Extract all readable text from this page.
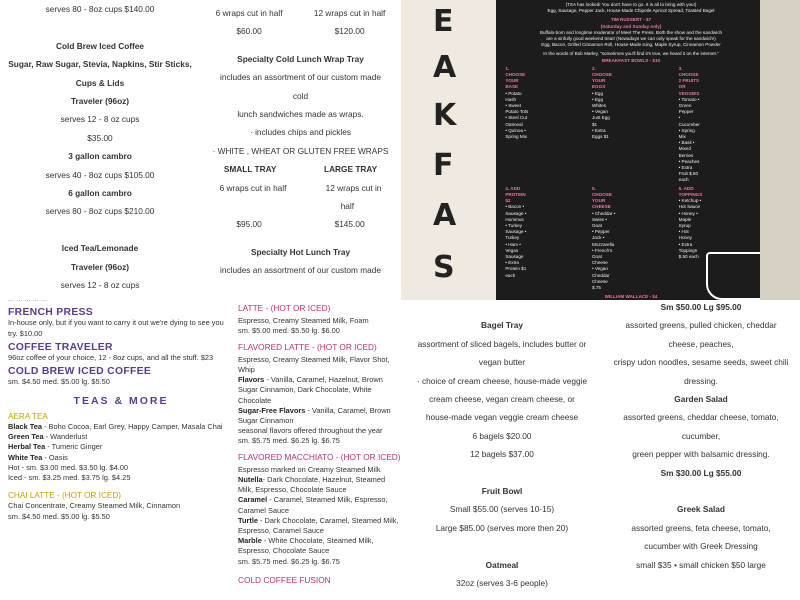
serves 80 - 8oz cups $140.00
Cold Brew Iced Coffee
Sugar, Raw Sugar, Stevia, Napkins, Stir Sticks,
Cups & Lids
Traveler (96oz)
serves 12 - 8 oz cups
$35.00
3 gallon cambro
serves 40 - 8oz cups $105.00
6 gallon cambro
serves 80 - 8oz cups $210.00
Iced Tea/Lemonade
Traveler (96oz)
serves 12 - 8 oz cups
6 wraps cut in half	12 wraps cut in half
$60.00	$120.00
Specialty Cold Lunch Wrap Tray
includes an assortment of our custom made
cold
lunch sandwiches made as wraps.
· includes chips and pickles
· WHITE , WHEAT OR GLUTEN FREE WRAPS
SMALL TRAY	LARGE TRAY
6 wraps cut in half	12 wraps cut in
half
$95.00	$145.00
Specialty Hot Lunch Tray
includes an assortment of our custom made
E
A
K
F
A
S
(TSA has looked! You don't have to go. It is all to bring with you!)
Egg, Sausage, Pepper Jack, House-Made Chipotle Apricot Spread, Toasted Bagel
TIM RUSSERT - $7
(Saturday and Sunday only)
Buffalo-born and longtime moderator of Meet The Press. Both the show and the sandwich
are a sinfully good weekend treat! (Nowadays we can only speak for the sandwich!)
Egg, Bacon, Grilled Cinnamon Roll, House-Made Icing, Maple Syrup, Cinnamon Powder
In the words of Bob Marley, "sometimes you'll find it's true, we heard it on the internet."
BREAKFAST BOWLS - $10
1. CHOOSE YOUR BASE
• Potato Hash
• Sweet Potato Tots
• Steel Cut Oatmeal
• Quinoa • Spring Mix
2. CHOOSE YOUR EGGS
• Egg
• Egg Whites
• Vegan Just Egg $1
• Extra Eggs $1
3. CHOOSE 2 FRUITS OR VEGGIES
• Tomato • Green Pepper
• Cucumber • Spring Mix
• Basil • Mixed Berries
• Peaches • Extra Fruit $.50 each
4. ADD PROTEIN $2
• Bacon • Sausage • Hummus
• Turkey Sausage • Turkey
• Ham • Vegan Sausage
• Extra Protein $1 each
5. CHOOSE YOUR CHEESE
• Cheddar • Swiss • Goat
• Pepper Jack • Mozzarella
• French's Goat Cheese
• Vegan Cheddar Cheese $.75
6. ADD TOPPINGS
• Ketchup • Hot Sauce
• Honey • Maple Syrup
• Hot Honey
• Extra Toppings $.50 each
WILLIAM WALLACE - $4
... ... ... ... ...
FRENCH PRESS
In-house only, but if you want to carry it out we're dying to see you try. $10.00
COFFEE TRAVELER
96oz coffee of your choice, 12 - 8oz cups, and all the stuff. $23
COLD BREW ICED COFFEE
sm. $4.50 med. $5.00 lg. $5.50
TEAS & MORE
AERA TEA
Black Tea - Boho Cocoa, Earl Grey, Happy Camper, Masala Chai
Green Tea - Wanderlust
Herbal Tea - Tumeric Ginger
White Tea - Oasis
Hot - sm. $3.00 med. $3.50 lg. $4.00
Iced - sm. $3.25 med. $3.75 lg. $4.25
CHAI LATTE - (HOT OR ICED)
Chai Concentrate, Creamy Steamed Milk, Cinnamon
sm. $4.50 med. $5.00 lg. $5.50
LATTE - (HOT OR ICED)
Espresso, Creamy Steamed Milk, Foam
sm. $5.00 med. $5.50 lg. $6.00
FLAVORED LATTE - (HOT OR ICED)
Espresso, Creamy Steamed Milk, Flavor Shot, Whip
Flavors - Vanilla, Caramel, Hazelnut, Brown Sugar Cinnamon, Dark Chocolate, White Chocolate
Sugar-Free Flavors - Vanilla, Caramel, Brown Sugar Cinnamon
seasonal flavors offered throughout the year
sm. $5.75 med. $6.25 lg. $6.75
FLAVORED MACCHIATO - (HOT OR ICED)
Espresso marked on Creamy Steamed Milk
Nutella- Dark Chocolate, Hazelnut, Steamed Milk, Espresso, Chocolate Sauce
Caramel - Caramel, Steamed Milk, Espresso, Caramel Sauce
Turtle - Dark Chocolate, Caramel, Steamed Milk, Espresso, Caramel Sauce
Marble - White Chocolate, Steamed Milk, Espresso, Chocolate Sauce
sm. $5.75 med. $6.25 lg. $6.75
COLD COFFEE FUSION
Bagel Tray
assortment of sliced bagels, includes butter or
vegan butter
· choice of cream cheese, house-made veggie
cream cheese, vegan cream cheese, or
house-made vegan veggie cream cheese
6 bagels $20.00
12 bagels $37.00
Fruit Bowl
Small $55.00 (serves 10-15)
Large $85.00 (serves more then 20)
Oatmeal
32oz (serves 3-6 people)
Sm $50.00 Lg $95.00
assorted greens, pulled chicken, cheddar
cheese, peaches,
crispy udon noodles, sesame seeds, sweet chili
dressing.
Garden Salad
assorted greens, cheddar cheese, tomato,
cucumber,
green pepper with balsamic dressing.
Sm $30.00 Lg $55.00
Greek Salad
assorted greens, feta cheese, tomato,
cucumber with Greek Dressing
small $35 • small chicken $50 large
